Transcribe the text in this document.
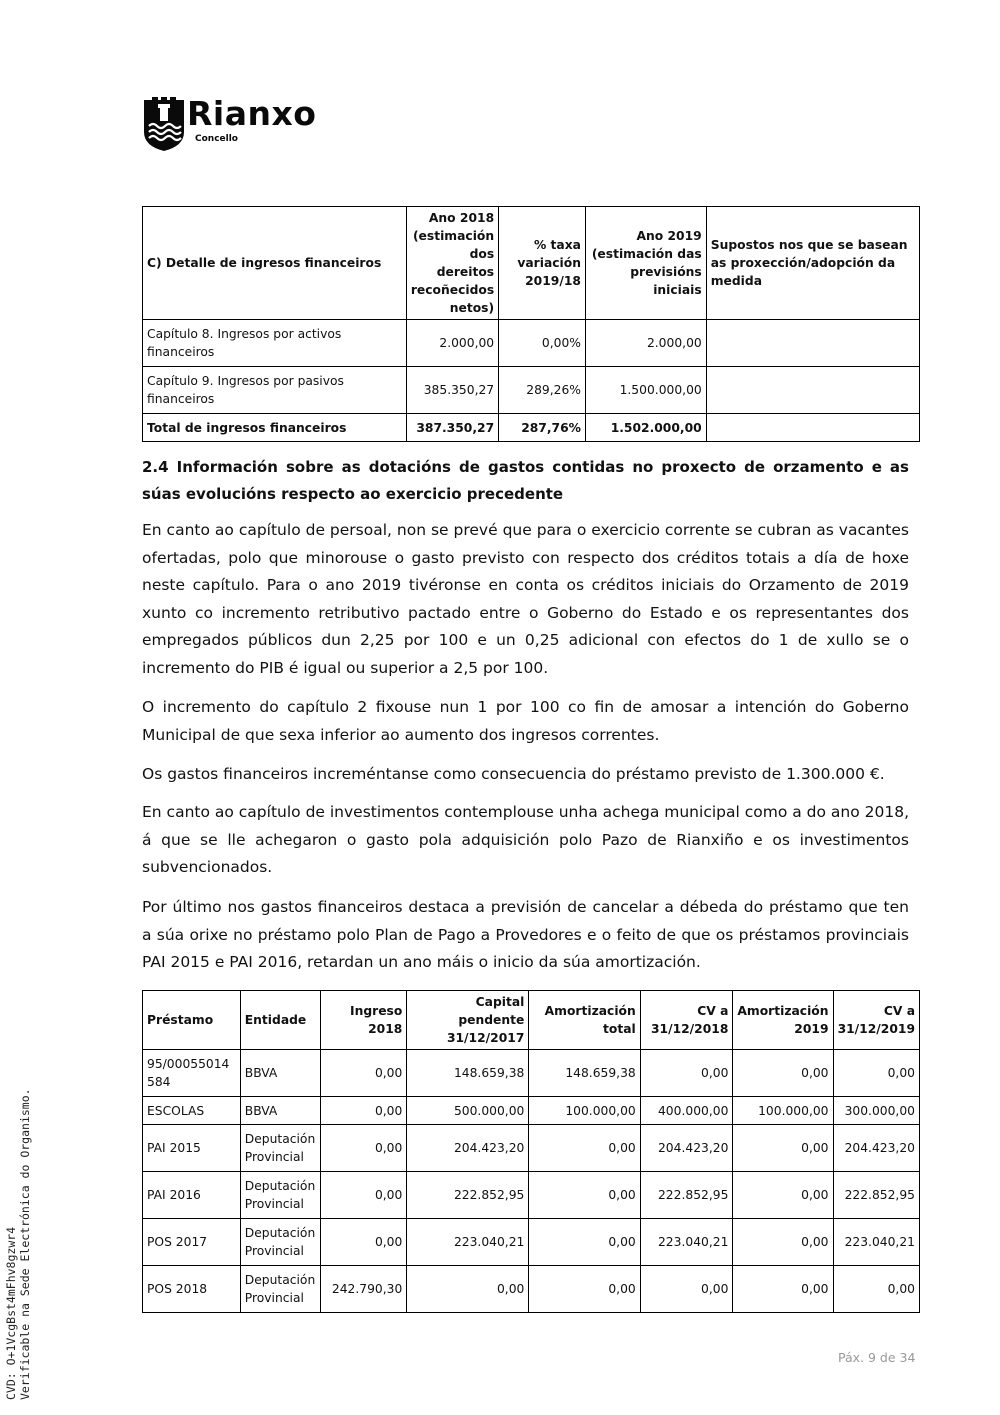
Rianxo
Concello
C) Detalle de ingresos financeiros	Ano 2018 (estimación dos dereitos recoñecidos netos)	% taxa variación 2019/18	Ano 2019 (estimación das previsións iniciais	Supostos nos que se basean as proxección/adopción da medida
Capítulo 8. Ingresos por activos financeiros	2.000,00	0,00%	2.000,00	
Capítulo 9. Ingresos por pasivos financeiros	385.350,27	289,26%	1.500.000,00	
Total de ingresos financeiros	387.350,27	287,76%	1.502.000,00	
2.4 Información sobre as dotacións de gastos contidas no proxecto de orzamento e as súas evolucións respecto ao exercicio precedente

En canto ao capítulo de persoal, non se prevé que para o exercicio corrente se cubran as vacantes ofertadas, polo que minorouse o gasto previsto con respecto dos créditos totais a día de hoxe neste capítulo. Para o ano 2019 tivéronse en conta os créditos iniciais do Orzamento de 2019 xunto co incremento retributivo pactado entre o Goberno do Estado e os representantes dos empregados públicos dun 2,25 por 100 e un 0,25 adicional con efectos do 1 de xullo se o incremento do PIB é igual ou superior a 2,5 por 100.

O incremento do capítulo 2 fixouse nun 1 por 100 co fin de amosar a intención do Goberno Municipal de que sexa inferior ao aumento dos ingresos correntes.

Os gastos financeiros increméntanse como consecuencia do préstamo previsto de 1.300.000 €.

En canto ao capítulo de investimentos contemplouse unha achega municipal como a do ano 2018, á que se lle achegaron o gasto pola adquisición polo Pazo de Rianxiño e os investimentos subvencionados.

Por último nos gastos financeiros destaca a previsión de cancelar a débeda do préstamo que ten a súa orixe no préstamo polo Plan de Pago a Provedores e o feito de que os préstamos provinciais PAI 2015 e PAI 2016, retardan un ano máis o inicio da súa amortización.

Préstamo	Entidade	Ingreso 2018	Capital pendente 31/12/2017	Amortización total	CV a 31/12/2018	Amortización 2019	CV a 31/12/2019
95/00055014584	BBVA	0,00	148.659,38	148.659,38	0,00	0,00	0,00
ESCOLAS	BBVA	0,00	500.000,00	100.000,00	400.000,00	100.000,00	300.000,00
PAI 2015	Deputación Provincial	0,00	204.423,20	0,00	204.423,20	0,00	204.423,20
PAI 2016	Deputación Provincial	0,00	222.852,95	0,00	222.852,95	0,00	222.852,95
POS 2017	Deputación Provincial	0,00	223.040,21	0,00	223.040,21	0,00	223.040,21
POS 2018	Deputación Provincial	242.790,30	0,00	0,00	0,00	0,00	0,00
CVD: O+1VcgBst4mFhv8gzwr4 Verificable na Sede Electrónica do Organismo.	Páx. 9 de 34
